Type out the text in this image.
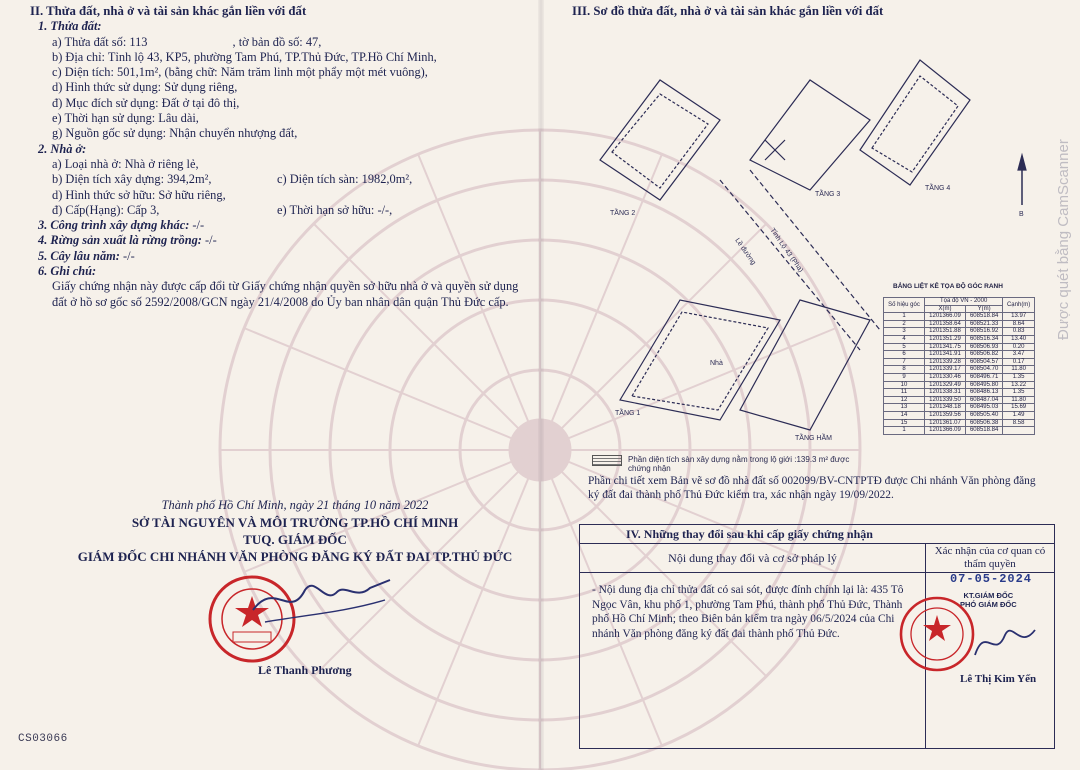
II. Thửa đất, nhà ở và tài sản khác gắn liền với đất
1. Thửa đất:
a) Thửa đất số: 113	, tờ bản đồ số: 47,
b) Địa chỉ: Tỉnh lộ 43, KP5, phường Tam Phú, TP.Thủ Đức, TP.Hồ Chí Minh,
c) Diện tích: 501,1m², (bằng chữ: Năm trăm linh một phẩy một mét vuông),
d) Hình thức sử dụng: Sử dụng riêng,
đ) Mục đích sử dụng: Đất ở tại đô thị,
e) Thời hạn sử dụng: Lâu dài,
g) Nguồn gốc sử dụng: Nhận chuyển nhượng đất,
2. Nhà ở:
a) Loại nhà ở: Nhà ở riêng lẻ,
b) Diện tích xây dựng: 394,2m²,	c) Diện tích sàn: 1982,0m²,
d) Hình thức sở hữu: Sở hữu riêng,
đ) Cấp(Hạng): Cấp 3,	e) Thời hạn sở hữu: -/-,
3. Công trình xây dựng khác: -/-
4. Rừng sản xuất là rừng trồng: -/-
5. Cây lâu năm: -/-
6. Ghi chú:
Giấy chứng nhận này được cấp đổi từ Giấy chứng nhận quyền sở hữu nhà ở và quyền sử dụng đất ở hồ sơ gốc số 2592/2008/GCN ngày 21/4/2008 do Ủy ban nhân dân quận Thủ Đức cấp.
Thành phố Hồ Chí Minh, ngày 21 tháng 10 năm 2022
SỞ TÀI NGUYÊN VÀ MÔI TRƯỜNG TP.HỒ CHÍ MINH
TUQ. GIÁM ĐỐC
GIÁM ĐỐC CHI NHÁNH VĂN PHÒNG ĐĂNG KÝ ĐẤT ĐAI TP.THỦ ĐỨC
Lê Thanh Phương
CS03066
III. Sơ đồ thửa đất, nhà ở và tài sản khác gắn liền với đất
TẦNG 2
TẦNG 3
TẦNG 4
TẦNG 1
TẦNG HẦM
Tỉnh Lộ 43 (Pha)
Lề đường
Nhà
B
BẢNG LIỆT KÊ TỌA ĐỘ GÓC RANH
Số hiệu góc	Tọa độ VN - 2000		Cạnh(m)
	X(m)	Y(m)	
1	1201366.09	608518.84	13.97
2	1201358.64	608521.33	8.64
3	1201351.88	608516.92	0.83
4	1201351.29	608516.34	13.40
5	1201341.75	608506.93	0.20
6	1201341.91	608506.82	3.47
7	1201339.28	608504.57	0.17
8	1201339.17	608504.70	11.80
9	1201330.46	608496.71	1.35
10	1201329.49	608495.80	13.22
11	1201338.31	608486.13	1.35
12	1201339.50	608487.04	11.80
13	1201348.18	608495.03	15.69
14	1201359.56	608505.40	1.49
15	1201361.07	608506.38	8.58
1	1201366.09	608518.84	
Phần diện tích sàn xây dựng nằm trong lộ giới :139.3 m² được chứng nhận
Phần chi tiết xem Bản vẽ sơ đồ nhà đất số 002099/BV-CNTPTĐ được Chi nhánh Văn phòng đăng ký đất đai thành phố Thủ Đức kiểm tra, xác nhận ngày 19/09/2022.
IV. Những thay đổi sau khi cấp giấy chứng nhận
Nội dung thay đổi và cơ sở pháp lý	Xác nhận của cơ quan có thẩm quyền
- Nội dung địa chỉ thửa đất có sai sót, được đính chính lại là: 435 Tô Ngọc Vân, khu phố 1, phường Tam Phú, thành phố Thủ Đức, Thành phố Hồ Chí Minh; theo Biên bản kiểm tra ngày 06/5/2024 của Chi nhánh Văn phòng đăng ký đất đai thành phố Thủ Đức.
07-05-2024
KT.GIÁM ĐỐC
PHÓ GIÁM ĐỐC
Lê Thị Kim Yến
Được quét bằng CamScanner
